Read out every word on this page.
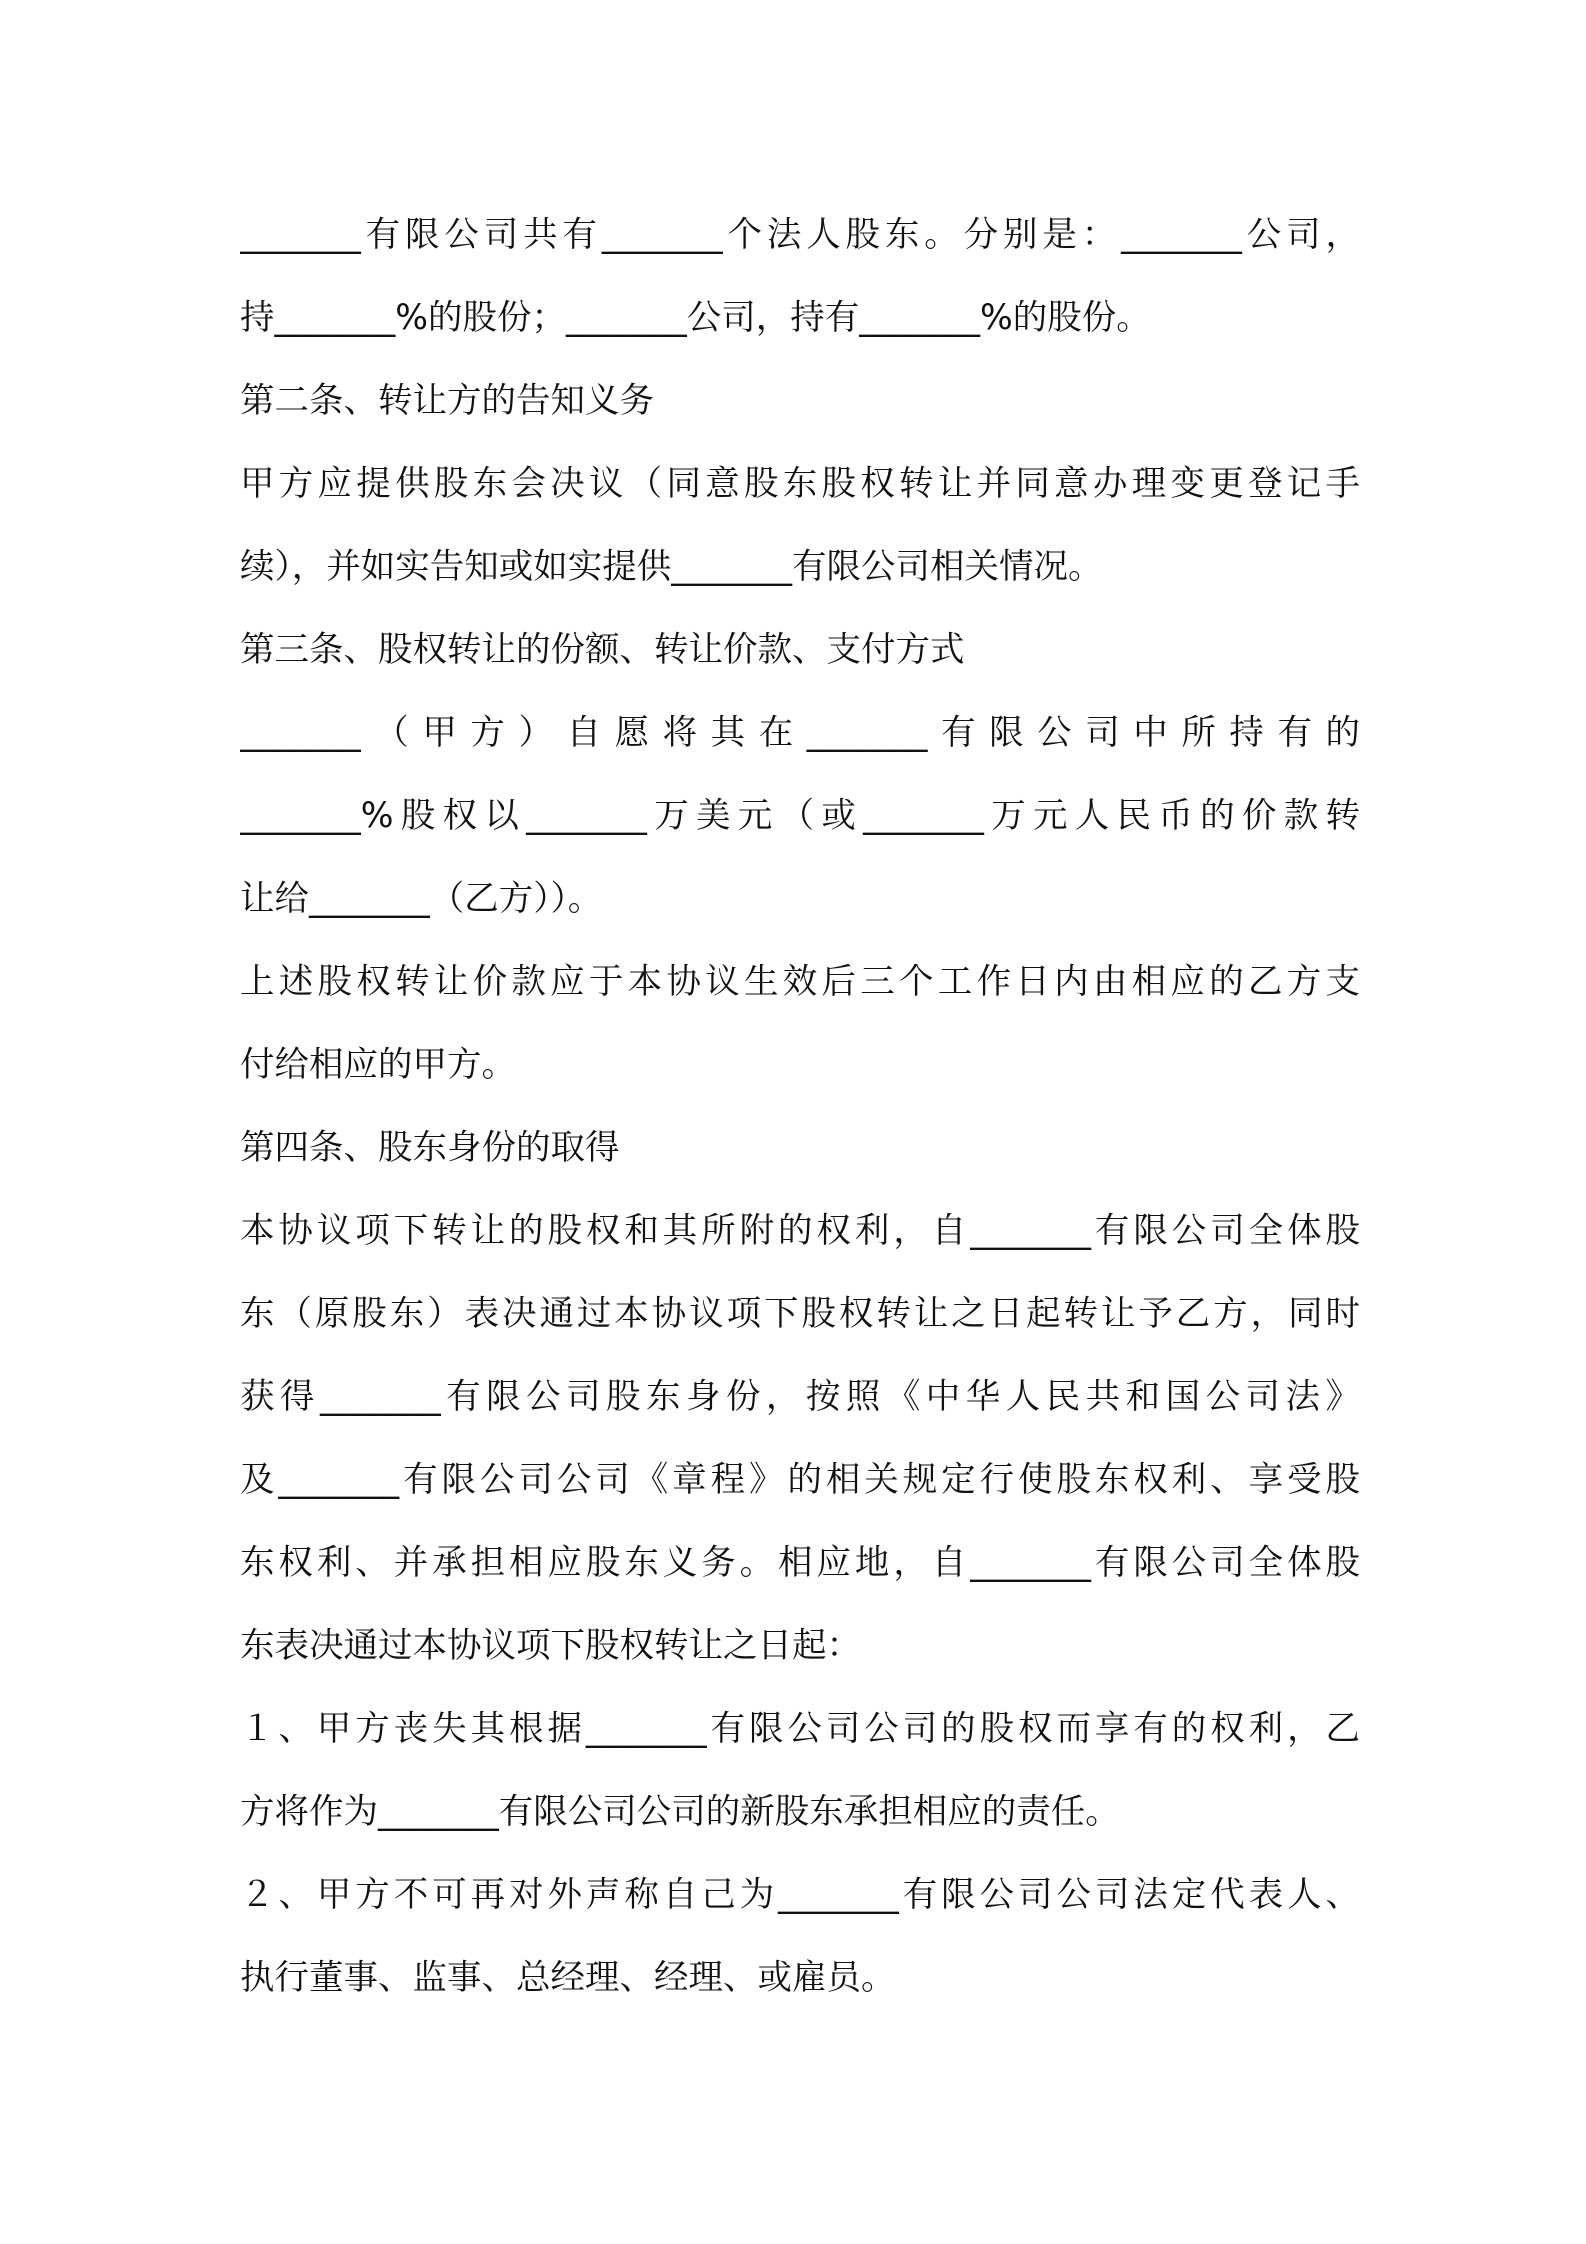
_______有限公司共有_______个法人股东。分别是：_______公司，
持_______%的股份；_______公司，持有_______%的股份。
第二条、转让方的告知义务
甲方应提供股东会决议（同意股东股权转让并同意办理变更登记手
续），并如实告知或如实提供_______有限公司相关情况。
第三条、股权转让的份额、转让价款、支付方式
_______（甲方）自愿将其在_______有限公司中所持有的
_______%股权以_______万美元（或_______万元人民币的价款转
让给_______（乙方））。
上述股权转让价款应于本协议生效后三个工作日内由相应的乙方支
付给相应的甲方。
第四条、股东身份的取得
本协议项下转让的股权和其所附的权利，自_______有限公司全体股
东（原股东）表决通过本协议项下股权转让之日起转让予乙方，同时
获得_______有限公司股东身份，按照《中华人民共和国公司法》
及_______有限公司公司《章程》的相关规定行使股东权利、享受股
东权利、并承担相应股东义务。相应地，自_______有限公司全体股
东表决通过本协议项下股权转让之日起：
１、甲方丧失其根据_______有限公司公司的股权而享有的权利，乙
方将作为_______有限公司公司的新股东承担相应的责任。
２、甲方不可再对外声称自己为_______有限公司公司法定代表人、
执行董事、监事、总经理、经理、或雇员。
